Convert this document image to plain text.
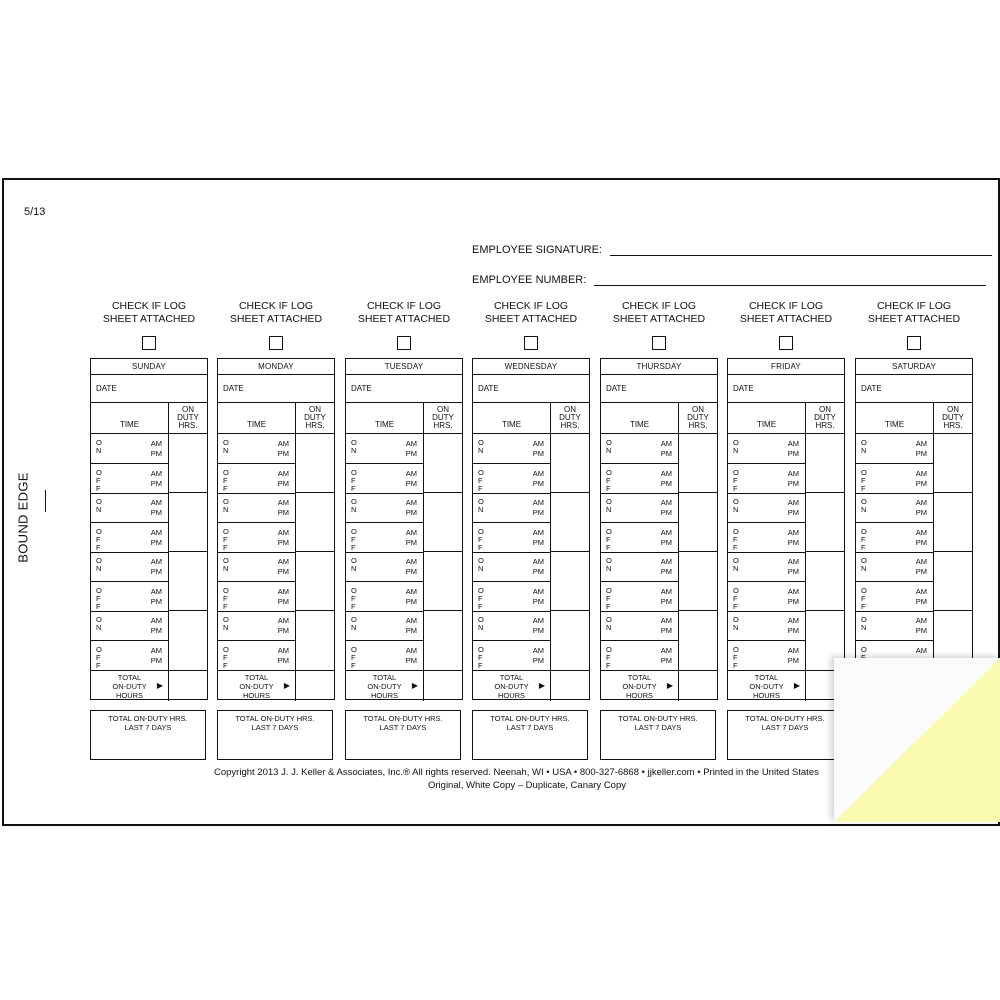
5/13
BOUND EDGE
EMPLOYEE SIGNATURE:
EMPLOYEE NUMBER:
CHECK IF LOG
SHEET ATTACHED
SUNDAY
DATE
TIME
ON
DUTY
HRS.
O
N
AM
PM
O
F
F
AM
PM
O
N
AM
PM
O
F
F
AM
PM
O
N
AM
PM
O
F
F
AM
PM
O
N
AM
PM
O
F
F
AM
PM
TOTAL
ON-DUTY
HOURS
▶
TOTAL ON-DUTY HRS.
LAST 7 DAYS
CHECK IF LOG
SHEET ATTACHED
MONDAY
DATE
TIME
ON
DUTY
HRS.
O
N
AM
PM
O
F
F
AM
PM
O
N
AM
PM
O
F
F
AM
PM
O
N
AM
PM
O
F
F
AM
PM
O
N
AM
PM
O
F
F
AM
PM
TOTAL
ON-DUTY
HOURS
▶
TOTAL ON-DUTY HRS.
LAST 7 DAYS
CHECK IF LOG
SHEET ATTACHED
TUESDAY
DATE
TIME
ON
DUTY
HRS.
O
N
AM
PM
O
F
F
AM
PM
O
N
AM
PM
O
F
F
AM
PM
O
N
AM
PM
O
F
F
AM
PM
O
N
AM
PM
O
F
F
AM
PM
TOTAL
ON-DUTY
HOURS
▶
TOTAL ON-DUTY HRS.
LAST 7 DAYS
CHECK IF LOG
SHEET ATTACHED
WEDNESDAY
DATE
TIME
ON
DUTY
HRS.
O
N
AM
PM
O
F
F
AM
PM
O
N
AM
PM
O
F
F
AM
PM
O
N
AM
PM
O
F
F
AM
PM
O
N
AM
PM
O
F
F
AM
PM
TOTAL
ON-DUTY
HOURS
▶
TOTAL ON-DUTY HRS.
LAST 7 DAYS
CHECK IF LOG
SHEET ATTACHED
THURSDAY
DATE
TIME
ON
DUTY
HRS.
O
N
AM
PM
O
F
F
AM
PM
O
N
AM
PM
O
F
F
AM
PM
O
N
AM
PM
O
F
F
AM
PM
O
N
AM
PM
O
F
F
AM
PM
TOTAL
ON-DUTY
HOURS
▶
TOTAL ON-DUTY HRS.
LAST 7 DAYS
CHECK IF LOG
SHEET ATTACHED
FRIDAY
DATE
TIME
ON
DUTY
HRS.
O
N
AM
PM
O
F
F
AM
PM
O
N
AM
PM
O
F
F
AM
PM
O
N
AM
PM
O
F
F
AM
PM
O
N
AM
PM
O
F
F
AM
PM
TOTAL
ON-DUTY
HOURS
▶
TOTAL ON-DUTY HRS.
LAST 7 DAYS
CHECK IF LOG
SHEET ATTACHED
SATURDAY
DATE
TIME
ON
DUTY
HRS.
O
N
AM
PM
O
F
F
AM
PM
O
N
AM
PM
O
F
F
AM
PM
O
N
AM
PM
O
F
F
AM
PM
O
N
AM
PM
O	AM
Copyright 2013 J. J. Keller & Associates, Inc.® All rights reserved. Neenah, WI • USA • 800-327-6868 • jjkeller.com • Printed in the United States
Original, White Copy – Duplicate, Canary Copy
